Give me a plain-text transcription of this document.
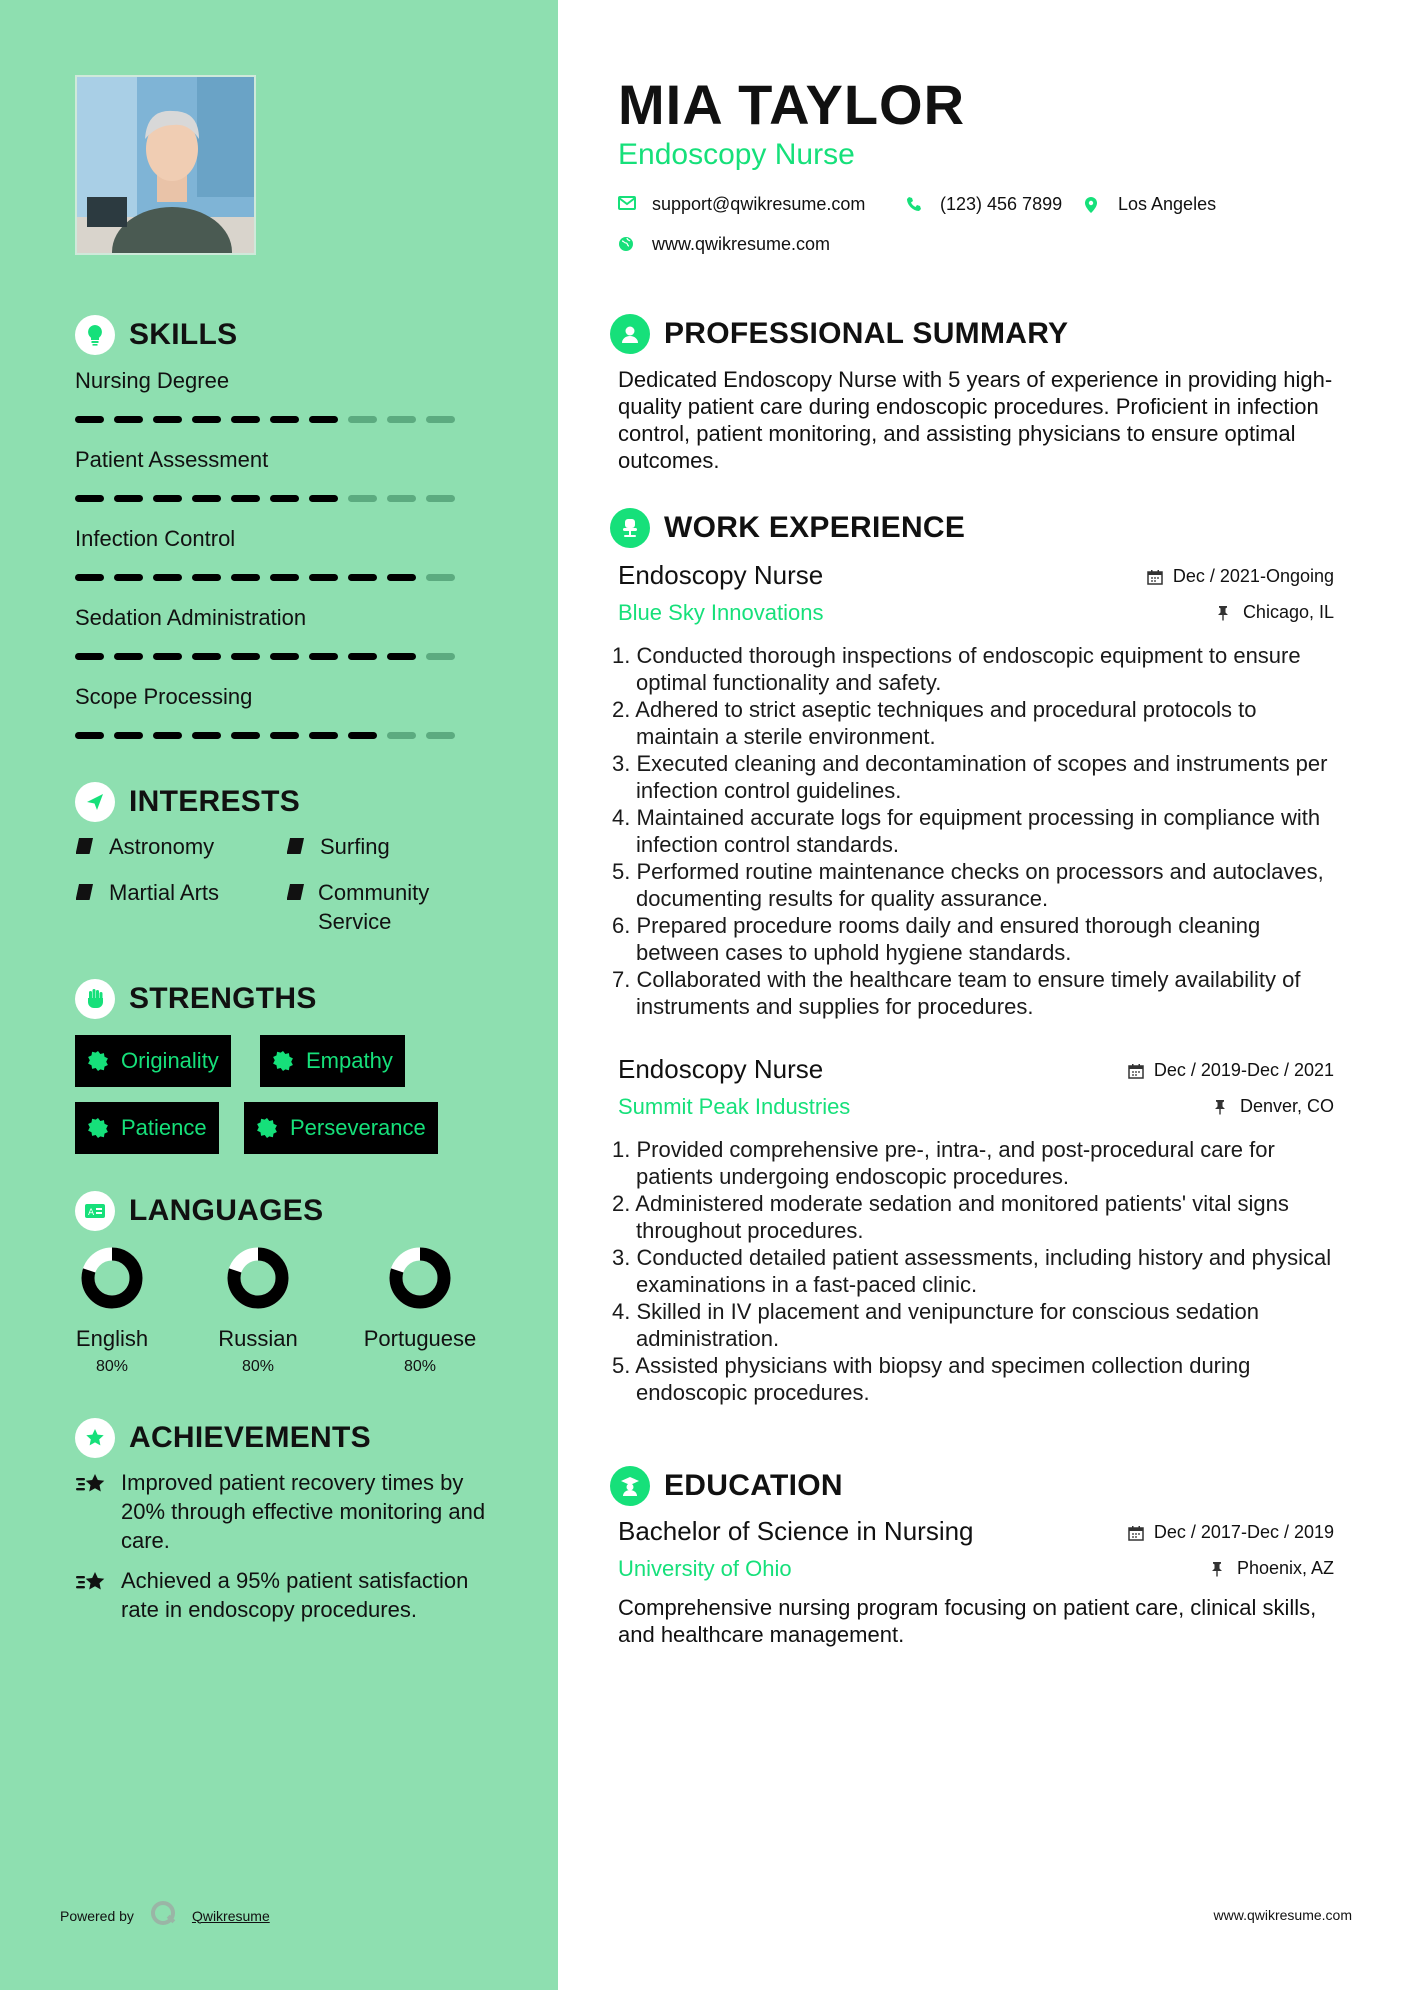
SKILLS
Nursing Degree
Patient Assessment
Infection Control
Sedation Administration
Scope Processing
INTERESTS
Astronomy	Surfing
Martial Arts	Community Service
STRENGTHS
Originality	Empathy
Patience	Perseverance
A LANGUAGES
English
80%
Russian
80%
Portuguese
80%
ACHIEVEMENTS
Improved patient recovery times by 20% through effective monitoring and care.
Achieved a 95% patient satisfaction rate in endoscopy procedures.
Powered by	Qwikresume
MIA TAYLOR
Endoscopy Nurse
support@qwikresume.com	(123) 456 7899	Los Angeles
www.qwikresume.com
PROFESSIONAL SUMMARY
Dedicated Endoscopy Nurse with 5 years of experience in providing high-quality patient care during endoscopic procedures. Proficient in infection control, patient monitoring, and assisting physicians to ensure optimal outcomes.
WORK EXPERIENCE
Endoscopy Nurse	Dec / 2021-Ongoing
Blue Sky Innovations	Chicago, IL
Conducted thorough inspections of endoscopic equipment to ensure optimal functionality and safety.
Adhered to strict aseptic techniques and procedural protocols to maintain a sterile environment.
Executed cleaning and decontamination of scopes and instruments per infection control guidelines.
Maintained accurate logs for equipment processing in compliance with infection control standards.
Performed routine maintenance checks on processors and autoclaves, documenting results for quality assurance.
Prepared procedure rooms daily and ensured thorough cleaning between cases to uphold hygiene standards.
Collaborated with the healthcare team to ensure timely availability of instruments and supplies for procedures.
Endoscopy Nurse	Dec / 2019-Dec / 2021
Summit Peak Industries	Denver, CO
Provided comprehensive pre-, intra-, and post-procedural care for patients undergoing endoscopic procedures.
Administered moderate sedation and monitored patients' vital signs throughout procedures.
Conducted detailed patient assessments, including history and physical examinations in a fast-paced clinic.
Skilled in IV placement and venipuncture for conscious sedation administration.
Assisted physicians with biopsy and specimen collection during endoscopic procedures.
EDUCATION
Bachelor of Science in Nursing	Dec / 2017-Dec / 2019
University of Ohio	Phoenix, AZ
Comprehensive nursing program focusing on patient care, clinical skills, and healthcare management.
www.qwikresume.com
